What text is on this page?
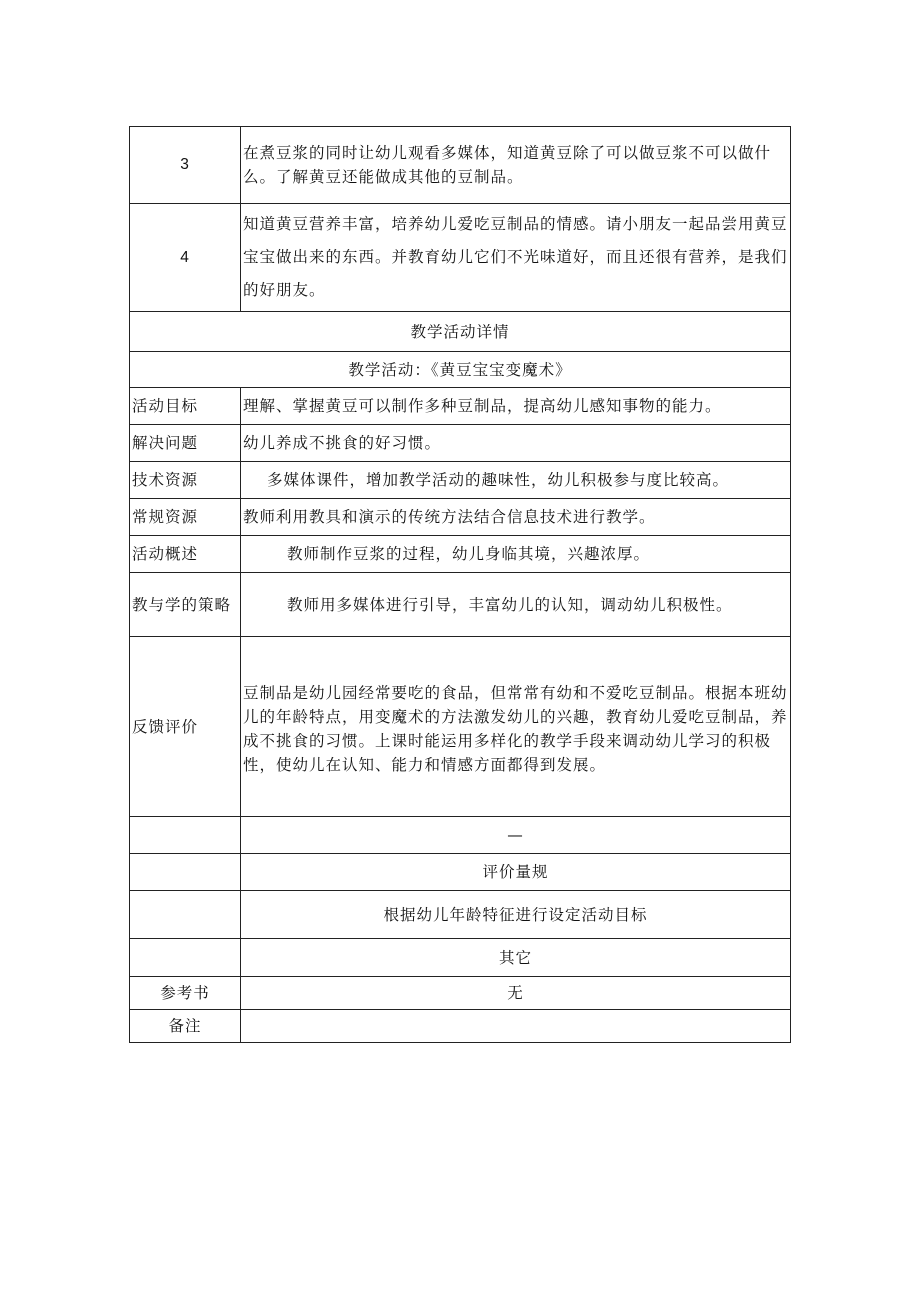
3	在煮豆浆的同时让幼儿观看多媒体，知道黄豆除了可以做豆浆不可以做什么。了解黄豆还能做成其他的豆制品。
4	知道黄豆营养丰富，培养幼儿爱吃豆制品的情感。请小朋友一起品尝用黄豆宝宝做出来的东西。并教育幼儿它们不光味道好，而且还很有营养，是我们的好朋友。
教学活动详情	
教学活动：《黄豆宝宝变魔术》	
活动目标	理解、掌握黄豆可以制作多种豆制品，提高幼儿感知事物的能力。
解决问题	幼儿养成不挑食的好习惯。
技术资源	多媒体课件，增加教学活动的趣味性，幼儿积极参与度比较高。
常规资源	教师利用教具和演示的传统方法结合信息技术进行教学。
活动概述	教师制作豆浆的过程，幼儿身临其境，兴趣浓厚。
教与学的策略	教师用多媒体进行引导，丰富幼儿的认知，调动幼儿积极性。
反馈评价	豆制品是幼儿园经常要吃的食品，但常常有幼和不爱吃豆制品。根据本班幼儿的年龄特点，用变魔术的方法激发幼儿的兴趣，教育幼儿爱吃豆制品，养成不挑食的习惯。上课时能运用多样化的教学手段来调动幼儿学习的积极性，使幼儿在认知、能力和情感方面都得到发展。
	—
	评价量规
	根据幼儿年龄特征进行设定活动目标
	其它
参考书	无
备注	
